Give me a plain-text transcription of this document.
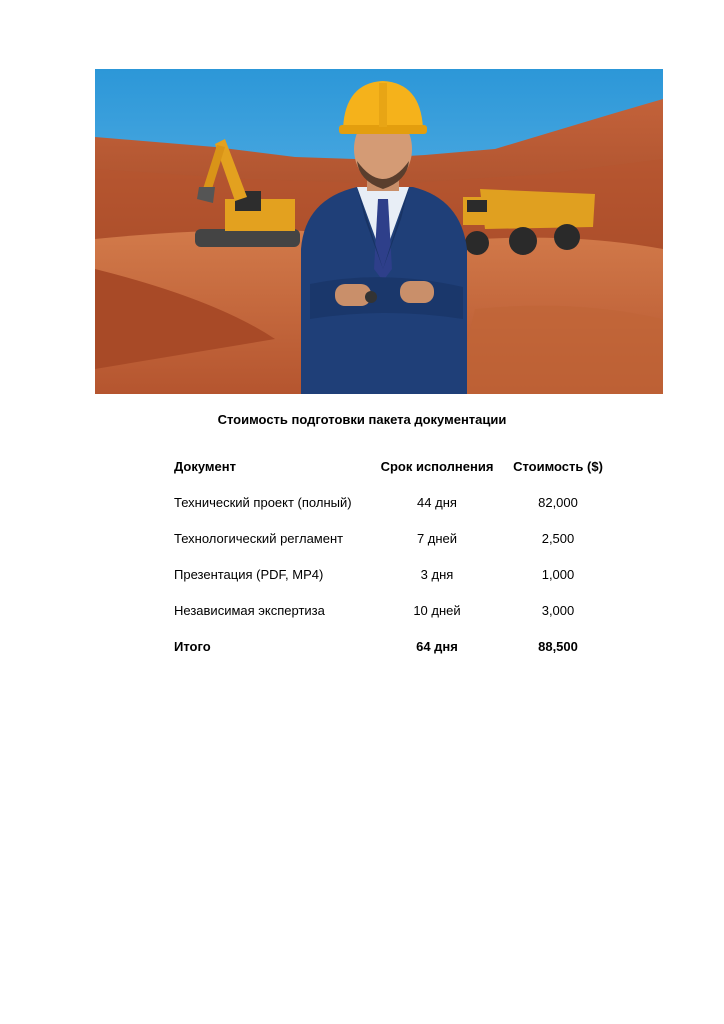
Стоимость подготовки пакета документации
Документ	Срок исполнения	Стоимость ($)
Технический проект (полный)	44 дня	82,000
Технологический регламент	7 дней	2,500
Презентация (PDF, MP4)	3 дня	1,000
Независимая экспертиза	10 дней	3,000
Итого	64 дня	88,500
